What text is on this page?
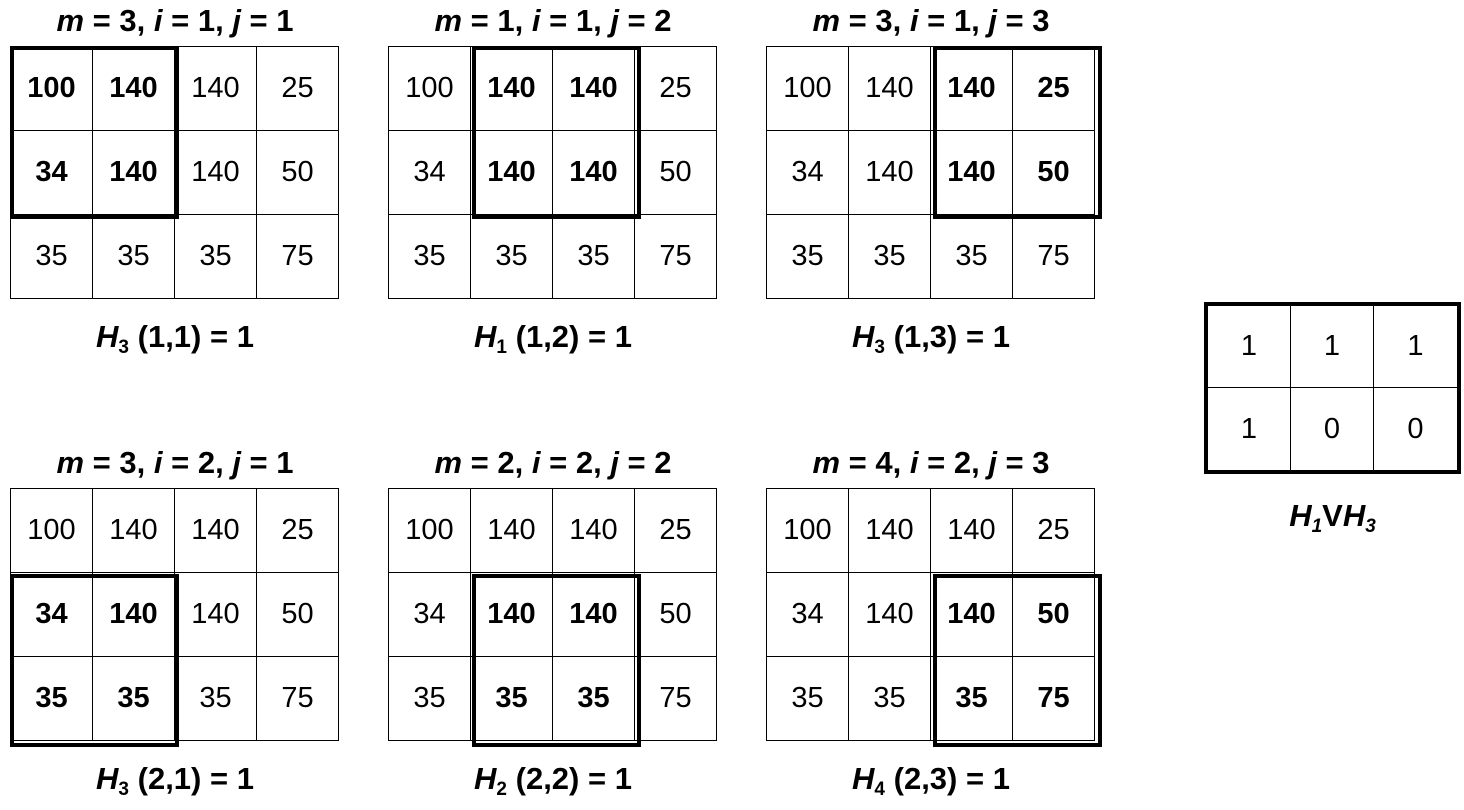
m = 3, i = 1, j = 1
100	140	140	25
34	140	140	50
35	35	35	75
$H_3$ (1,1) = 1
m = 1, i = 1, j = 2
100	140	140	25
34	140	140	50
35	35	35	75
$H_1$ (1,2) = 1
m = 3, i = 1, j = 3
100	140	140	25
34	140	140	50
35	35	35	75
$H_3$ (1,3) = 1
m = 3, i = 2, j = 1
100	140	140	25
34	140	140	50
35	35	35	75
$H_3$ (2,1) = 1
m = 2, i = 2, j = 2
100	140	140	25
34	140	140	50
35	35	35	75
$H_2$ (2,2) = 1
m = 4, i = 2, j = 3
100	140	140	25
34	140	140	50
35	35	35	75
$H_4$ (2,3) = 1
1	1	1
1	0	0
$H_1VH_3$
